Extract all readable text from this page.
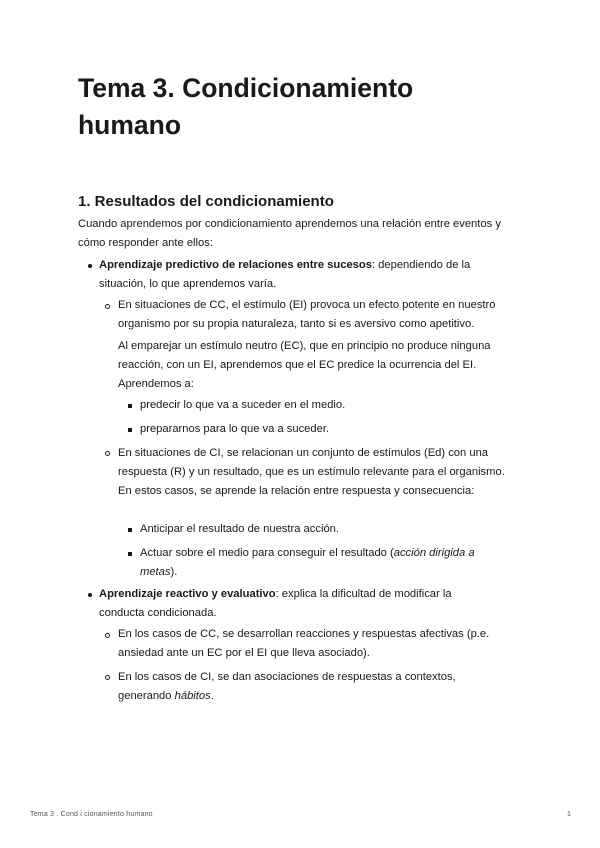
Tema 3. Condicionamiento humano
1. Resultados del condicionamiento

Cuando aprendemos por condicionamiento aprendemos una relación entre eventos y cómo responder ante ellos:

Aprendizaje predictivo de relaciones entre sucesos: dependiendo de la situación, lo que aprendemos varía.
En situaciones de CC, el estímulo (EI) provoca un efecto potente en nuestro organismo por su propia naturaleza, tanto si es aversivo como apetitivo.
Al emparejar un estímulo neutro (EC), que en principio no produce ninguna reacción, con un EI, aprendemos que el EC predice la ocurrencia del EI. Aprendemos a:
predecir lo que va a suceder en el medio.
prepararnos para lo que va a suceder.
En situaciones de CI, se relacionan un conjunto de estímulos (Ed) con una respuesta (R) y un resultado, que es un estímulo relevante para el organismo. En estos casos, se aprende la relación entre respuesta y consecuencia:
Anticipar el resultado de nuestra acción.
Actuar sobre el medio para conseguir el resultado (acción dirigida a metas).
Aprendizaje reactivo y evaluativo: explica la dificultad de modificar la conducta condicionada.
En los casos de CC, se desarrollan reacciones y respuestas afectivas (p.e. ansiedad ante un EC por el EI que lleva asociado).
En los casos de CI, se dan asociaciones de respuestas a contextos, generando hábitos.
Tema 3 . Cond i cionamiento humano	1
